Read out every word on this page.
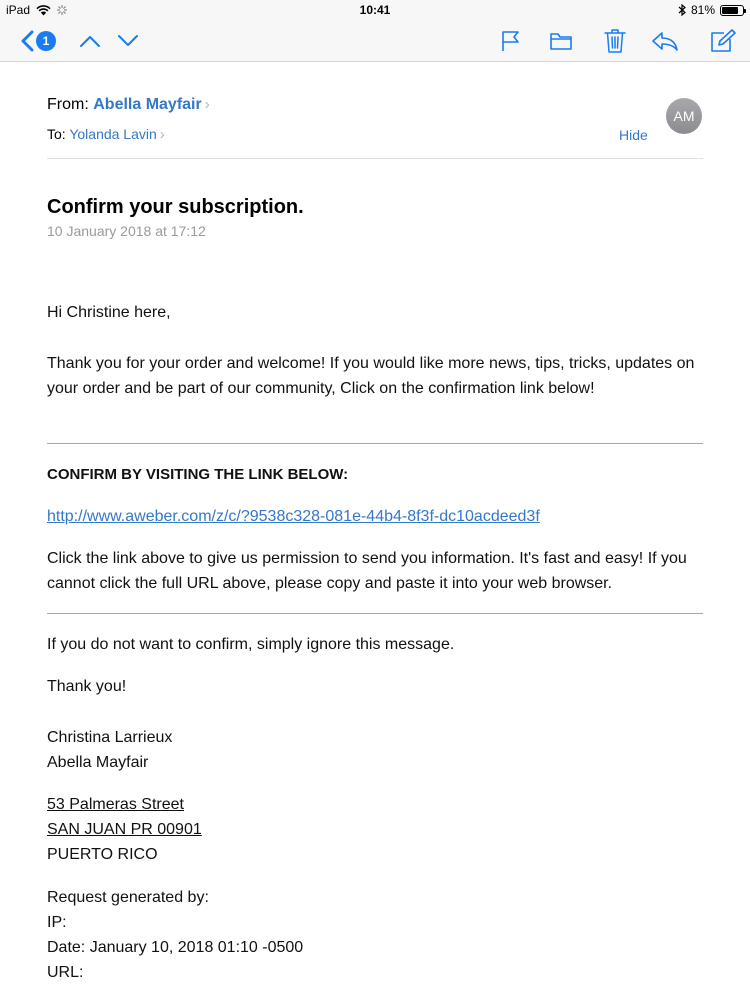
iPad	10:41	81%
1
From: Abella Mayfair ›
To: Yolanda Lavin ›	Hide
AM
Confirm your subscription.
10 January 2018 at 17:12
Hi Christine here,
Thank you for your order and welcome! If you would like more news, tips, tricks, updates on your order and be part of our community, Click on the confirmation link below!
CONFIRM BY VISITING THE LINK BELOW:
http://www.aweber.com/z/c/?9538c328-081e-44b4-8f3f-dc10acdeed3f
Click the link above to give us permission to send you information. It's fast and easy! If you cannot click the full URL above, please copy and paste it into your web browser.
If you do not want to confirm, simply ignore this message.
Thank you!
Christina Larrieux
Abella Mayfair
53 Palmeras Street
SAN JUAN PR 00901
PUERTO RICO
Request generated by:
IP:
Date: January 10, 2018 01:10 -0500
URL:
